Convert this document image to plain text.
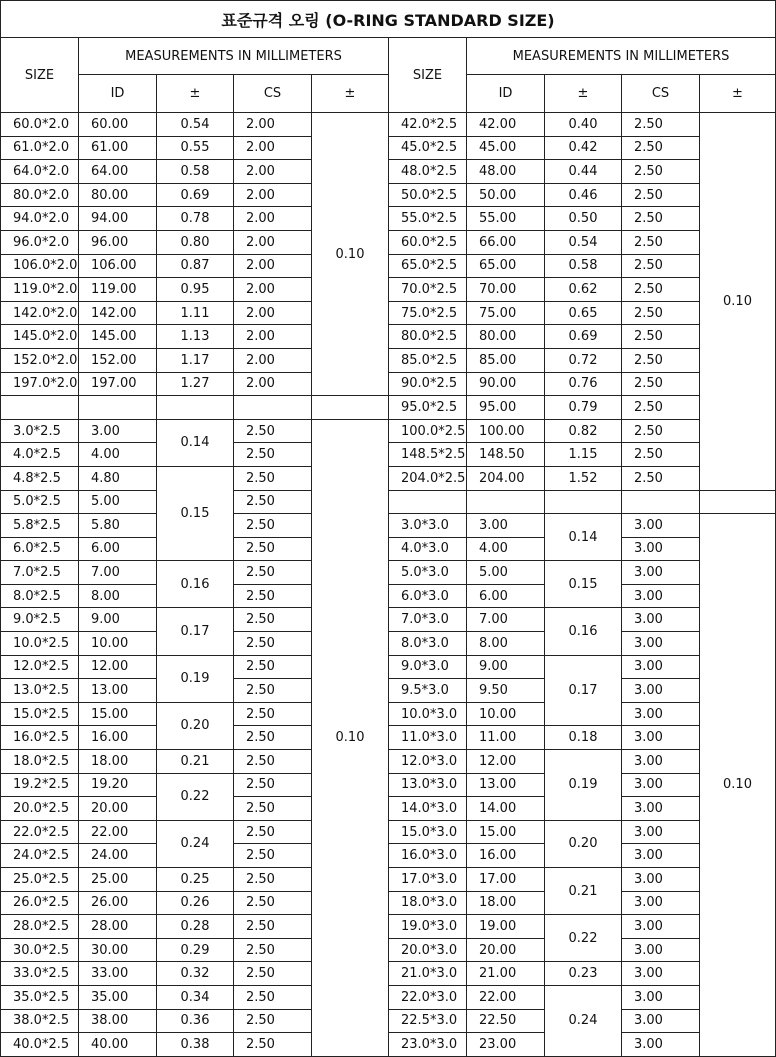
표준규격 오링 (O-RING STANDARD SIZE)									
SIZE	MEASUREMENTS IN MILLIMETERS				SIZE	MEASUREMENTS IN MILLIMETERS			
	ID	±	CS	±		ID	±	CS	±
60.0*2.0	60.00	0.54	2.00	0.10	42.0*2.5	42.00	0.40	2.50	0.10
61.0*2.0	61.00	0.55	2.00		45.0*2.5	45.00	0.42	2.50	
64.0*2.0	64.00	0.58	2.00		48.0*2.5	48.00	0.44	2.50	
80.0*2.0	80.00	0.69	2.00		50.0*2.5	50.00	0.46	2.50	
94.0*2.0	94.00	0.78	2.00		55.0*2.5	55.00	0.50	2.50	
96.0*2.0	96.00	0.80	2.00		60.0*2.5	66.00	0.54	2.50	
106.0*2.0	106.00	0.87	2.00		65.0*2.5	65.00	0.58	2.50	
119.0*2.0	119.00	0.95	2.00		70.0*2.5	70.00	0.62	2.50	
142.0*2.0	142.00	1.11	2.00		75.0*2.5	75.00	0.65	2.50	
145.0*2.0	145.00	1.13	2.00		80.0*2.5	80.00	0.69	2.50	
152.0*2.0	152.00	1.17	2.00		85.0*2.5	85.00	0.72	2.50	
197.0*2.0	197.00	1.27	2.00		90.0*2.5	90.00	0.76	2.50	
					95.0*2.5	95.00	0.79	2.50	
3.0*2.5	3.00	0.14	2.50	0.10	100.0*2.5	100.00	0.82	2.50	
4.0*2.5	4.00		2.50		148.5*2.5	148.50	1.15	2.50	
4.8*2.5	4.80	0.15	2.50		204.0*2.5	204.00	1.52	2.50	
5.0*2.5	5.00		2.50						
5.8*2.5	5.80		2.50		3.0*3.0	3.00	0.14	3.00	0.10
6.0*2.5	6.00		2.50		4.0*3.0	4.00		3.00	
7.0*2.5	7.00	0.16	2.50		5.0*3.0	5.00	0.15	3.00	
8.0*2.5	8.00		2.50		6.0*3.0	6.00		3.00	
9.0*2.5	9.00	0.17	2.50		7.0*3.0	7.00	0.16	3.00	
10.0*2.5	10.00		2.50		8.0*3.0	8.00		3.00	
12.0*2.5	12.00	0.19	2.50		9.0*3.0	9.00	0.17	3.00	
13.0*2.5	13.00		2.50		9.5*3.0	9.50		3.00	
15.0*2.5	15.00	0.20	2.50		10.0*3.0	10.00		3.00	
16.0*2.5	16.00		2.50		11.0*3.0	11.00	0.18	3.00	
18.0*2.5	18.00	0.21	2.50		12.0*3.0	12.00	0.19	3.00	
19.2*2.5	19.20	0.22	2.50		13.0*3.0	13.00		3.00	
20.0*2.5	20.00		2.50		14.0*3.0	14.00		3.00	
22.0*2.5	22.00	0.24	2.50		15.0*3.0	15.00	0.20	3.00	
24.0*2.5	24.00		2.50		16.0*3.0	16.00		3.00	
25.0*2.5	25.00	0.25	2.50		17.0*3.0	17.00	0.21	3.00	
26.0*2.5	26.00	0.26	2.50		18.0*3.0	18.00		3.00	
28.0*2.5	28.00	0.28	2.50		19.0*3.0	19.00	0.22	3.00	
30.0*2.5	30.00	0.29	2.50		20.0*3.0	20.00		3.00	
33.0*2.5	33.00	0.32	2.50		21.0*3.0	21.00	0.23	3.00	
35.0*2.5	35.00	0.34	2.50		22.0*3.0	22.00	0.24	3.00	
38.0*2.5	38.00	0.36	2.50		22.5*3.0	22.50		3.00	
40.0*2.5	40.00	0.38	2.50		23.0*3.0	23.00		3.00	
